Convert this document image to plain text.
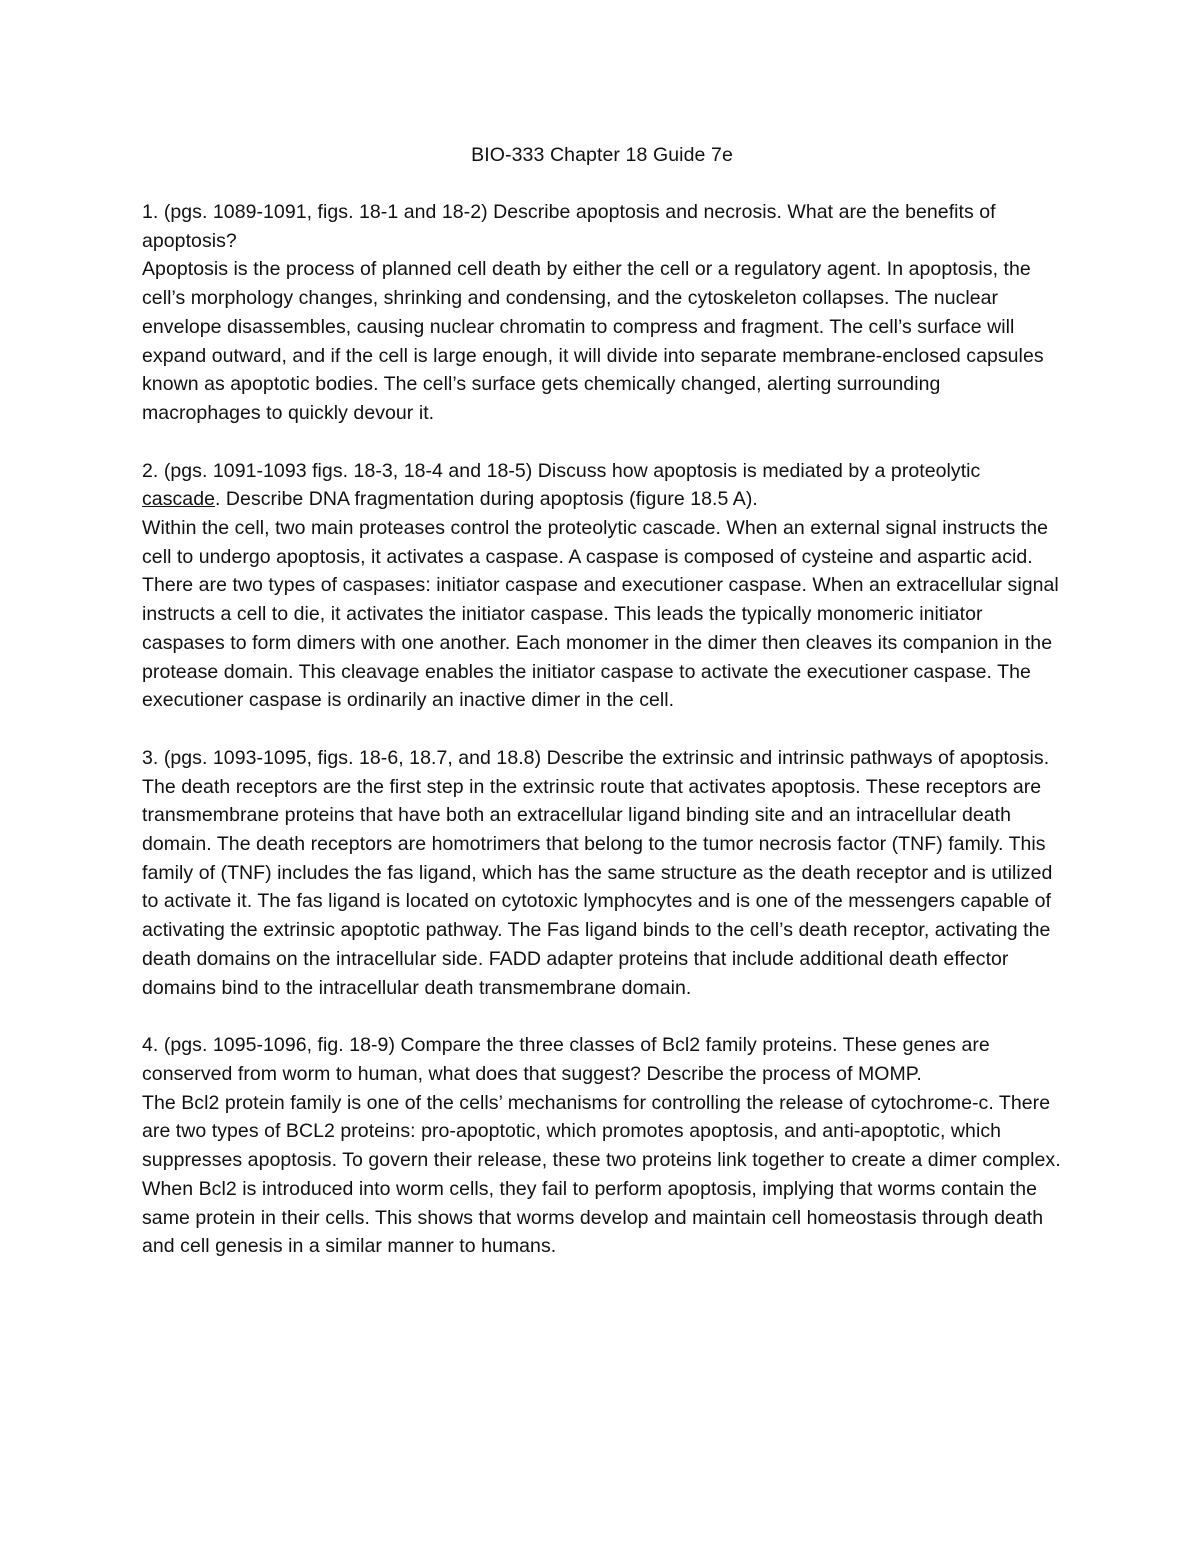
BIO-333 Chapter 18 Guide 7e

1. (pgs. 1089-1091, figs. 18-1 and 18-2) Describe apoptosis and necrosis. What are the benefits of apoptosis?

Apoptosis is the process of planned cell death by either the cell or a regulatory agent. In apoptosis, the cell’s morphology changes, shrinking and condensing, and the cytoskeleton collapses. The nuclear envelope disassembles, causing nuclear chromatin to compress and fragment. The cell’s surface will expand outward, and if the cell is large enough, it will divide into separate membrane-enclosed capsules known as apoptotic bodies. The cell’s surface gets chemically changed, alerting surrounding macrophages to quickly devour it.

2. (pgs. 1091-1093 figs. 18-3, 18-4 and 18-5) Discuss how apoptosis is mediated by a proteolytic cascade. Describe DNA fragmentation during apoptosis (figure 18.5 A).

Within the cell, two main proteases control the proteolytic cascade. When an external signal instructs the cell to undergo apoptosis, it activates a caspase. A caspase is composed of cysteine and aspartic acid. There are two types of caspases: initiator caspase and executioner caspase. When an extracellular signal instructs a cell to die, it activates the initiator caspase. This leads the typically monomeric initiator caspases to form dimers with one another. Each monomer in the dimer then cleaves its companion in the protease domain. This cleavage enables the initiator caspase to activate the executioner caspase. The executioner caspase is ordinarily an inactive dimer in the cell.

3. (pgs. 1093-1095, figs. 18-6, 18.7, and 18.8) Describe the extrinsic and intrinsic pathways of apoptosis.

The death receptors are the first step in the extrinsic route that activates apoptosis. These receptors are transmembrane proteins that have both an extracellular ligand binding site and an intracellular death domain. The death receptors are homotrimers that belong to the tumor necrosis factor (TNF) family. This family of (TNF) includes the fas ligand, which has the same structure as the death receptor and is utilized to activate it. The fas ligand is located on cytotoxic lymphocytes and is one of the messengers capable of activating the extrinsic apoptotic pathway. The Fas ligand binds to the cell’s death receptor, activating the death domains on the intracellular side. FADD adapter proteins that include additional death effector domains bind to the intracellular death transmembrane domain.

4. (pgs. 1095-1096, fig. 18-9) Compare the three classes of Bcl2 family proteins. These genes are conserved from worm to human, what does that suggest? Describe the process of MOMP.

The Bcl2 protein family is one of the cells’ mechanisms for controlling the release of cytochrome-c. There are two types of BCL2 proteins: pro-apoptotic, which promotes apoptosis, and anti-apoptotic, which suppresses apoptosis. To govern their release, these two proteins link together to create a dimer complex. When Bcl2 is introduced into worm cells, they fail to perform apoptosis, implying that worms contain the same protein in their cells. This shows that worms develop and maintain cell homeostasis through death and cell genesis in a similar manner to humans.
